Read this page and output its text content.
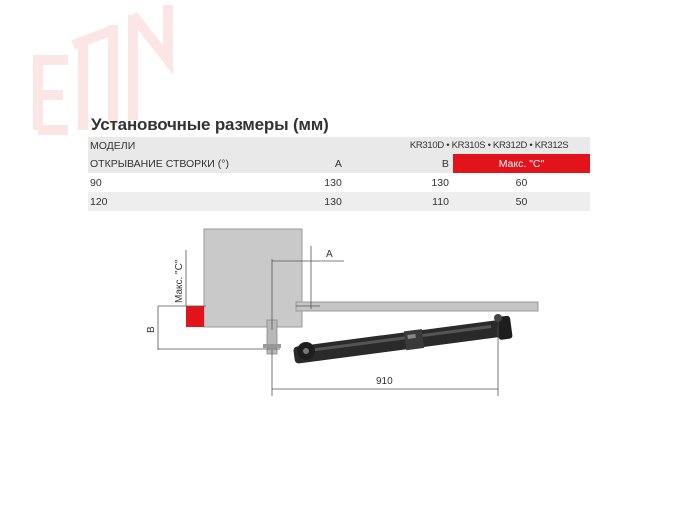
Установочные размеры (мм)
МОДЕЛИ		KR310D • KR310S • KR312D • KR312S	
ОТКРЫВАНИЕ СТВОРКИ (°)	A	B	Макс. "C"
90	130	130	60
120	130	110	50
A
Макс. "C"
B
910
